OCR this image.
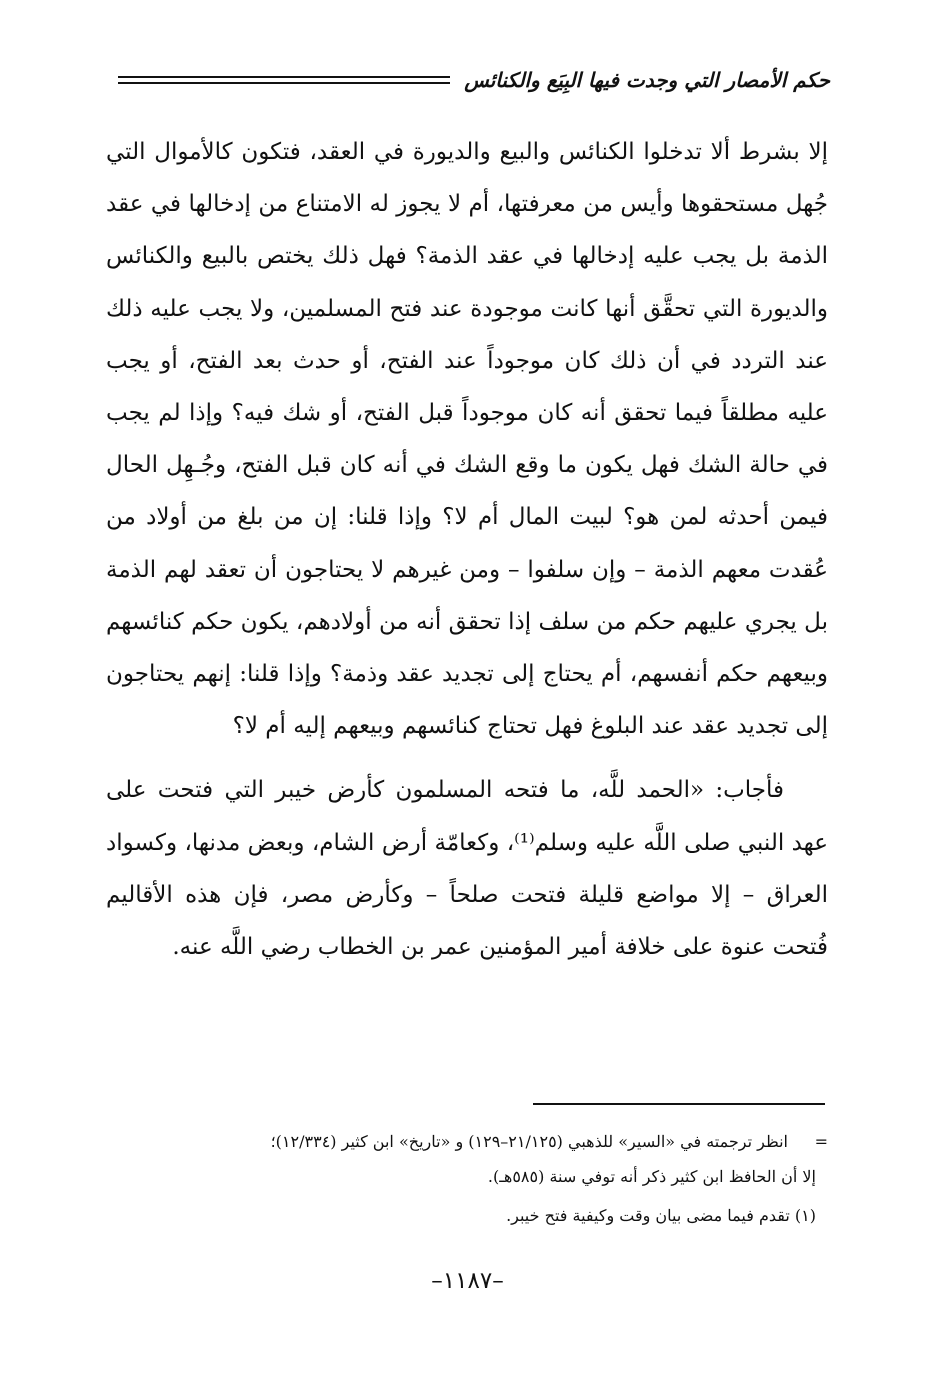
حكم الأمصار التي وجدت فيها البِيَع والكنائس

إلا بشرط ألا تدخلوا الكنائس والبيع والديورة في العقد، فتكون كالأموال التي جُهل مستحقوها وأيس من معرفتها، أم لا يجوز له الامتناع من إدخالها في عقد الذمة بل يجب عليه إدخالها في عقد الذمة؟ فهل ذلك يختص بالبيع والكنائس والديورة التي تحقَّق أنها كانت موجودة عند فتح المسلمين، ولا يجب عليه ذلك عند التردد في أن ذلك كان موجوداً عند الفتح، أو حدث بعد الفتح، أو يجب عليه مطلقاً فيما تحقق أنه كان موجوداً قبل الفتح، أو شك فيه؟ وإذا لم يجب في حالة الشك فهل يكون ما وقع الشك في أنه كان قبل الفتح، وجُـهِل الحال فيمن أحدثه لمن هو؟ لبيت المال أم لا؟ وإذا قلنا: إن من بلغ من أولاد من عُقدت معهم الذمة – وإن سلفوا – ومن غيرهم لا يحتاجون أن تعقد لهم الذمة بل يجري عليهم حكم من سلف إذا تحقق أنه من أولادهم، يكون حكم كنائسهم وبيعهم حكم أنفسهم، أم يحتاج إلى تجديد عقد وذمة؟ وإذا قلنا: إنهم يحتاجون إلى تجديد عقد عند البلوغ فهل تحتاج كنائسهم وبيعهم إليه أم لا؟

فأجاب: «الحمد للَّه، ما فتحه المسلمون كأرض خيبر التي فتحت على عهد النبي صلى اللَّه عليه وسلم⁽¹⁾، وكعامّة أرض الشام، وبعض مدنها، وكسواد العراق – إلا مواضع قليلة فتحت صلحاً – وكأرض مصر، فإن هذه الأقاليم فُتحت عنوة على خلافة أمير المؤمنين عمر بن الخطاب رضي اللَّه عنه.

=انظر ترجمته في «السير» للذهبي (٢١/١٢٥–١٢٩) و «تاريخ» ابن كثير (١٢/٣٣٤)؛

إلا أن الحافظ ابن كثير ذكر أنه توفي سنة (٥٨٥هـ).

(١) تقدم فيما مضى بيان وقت وكيفية فتح خيبر.

–١١٨٧–
